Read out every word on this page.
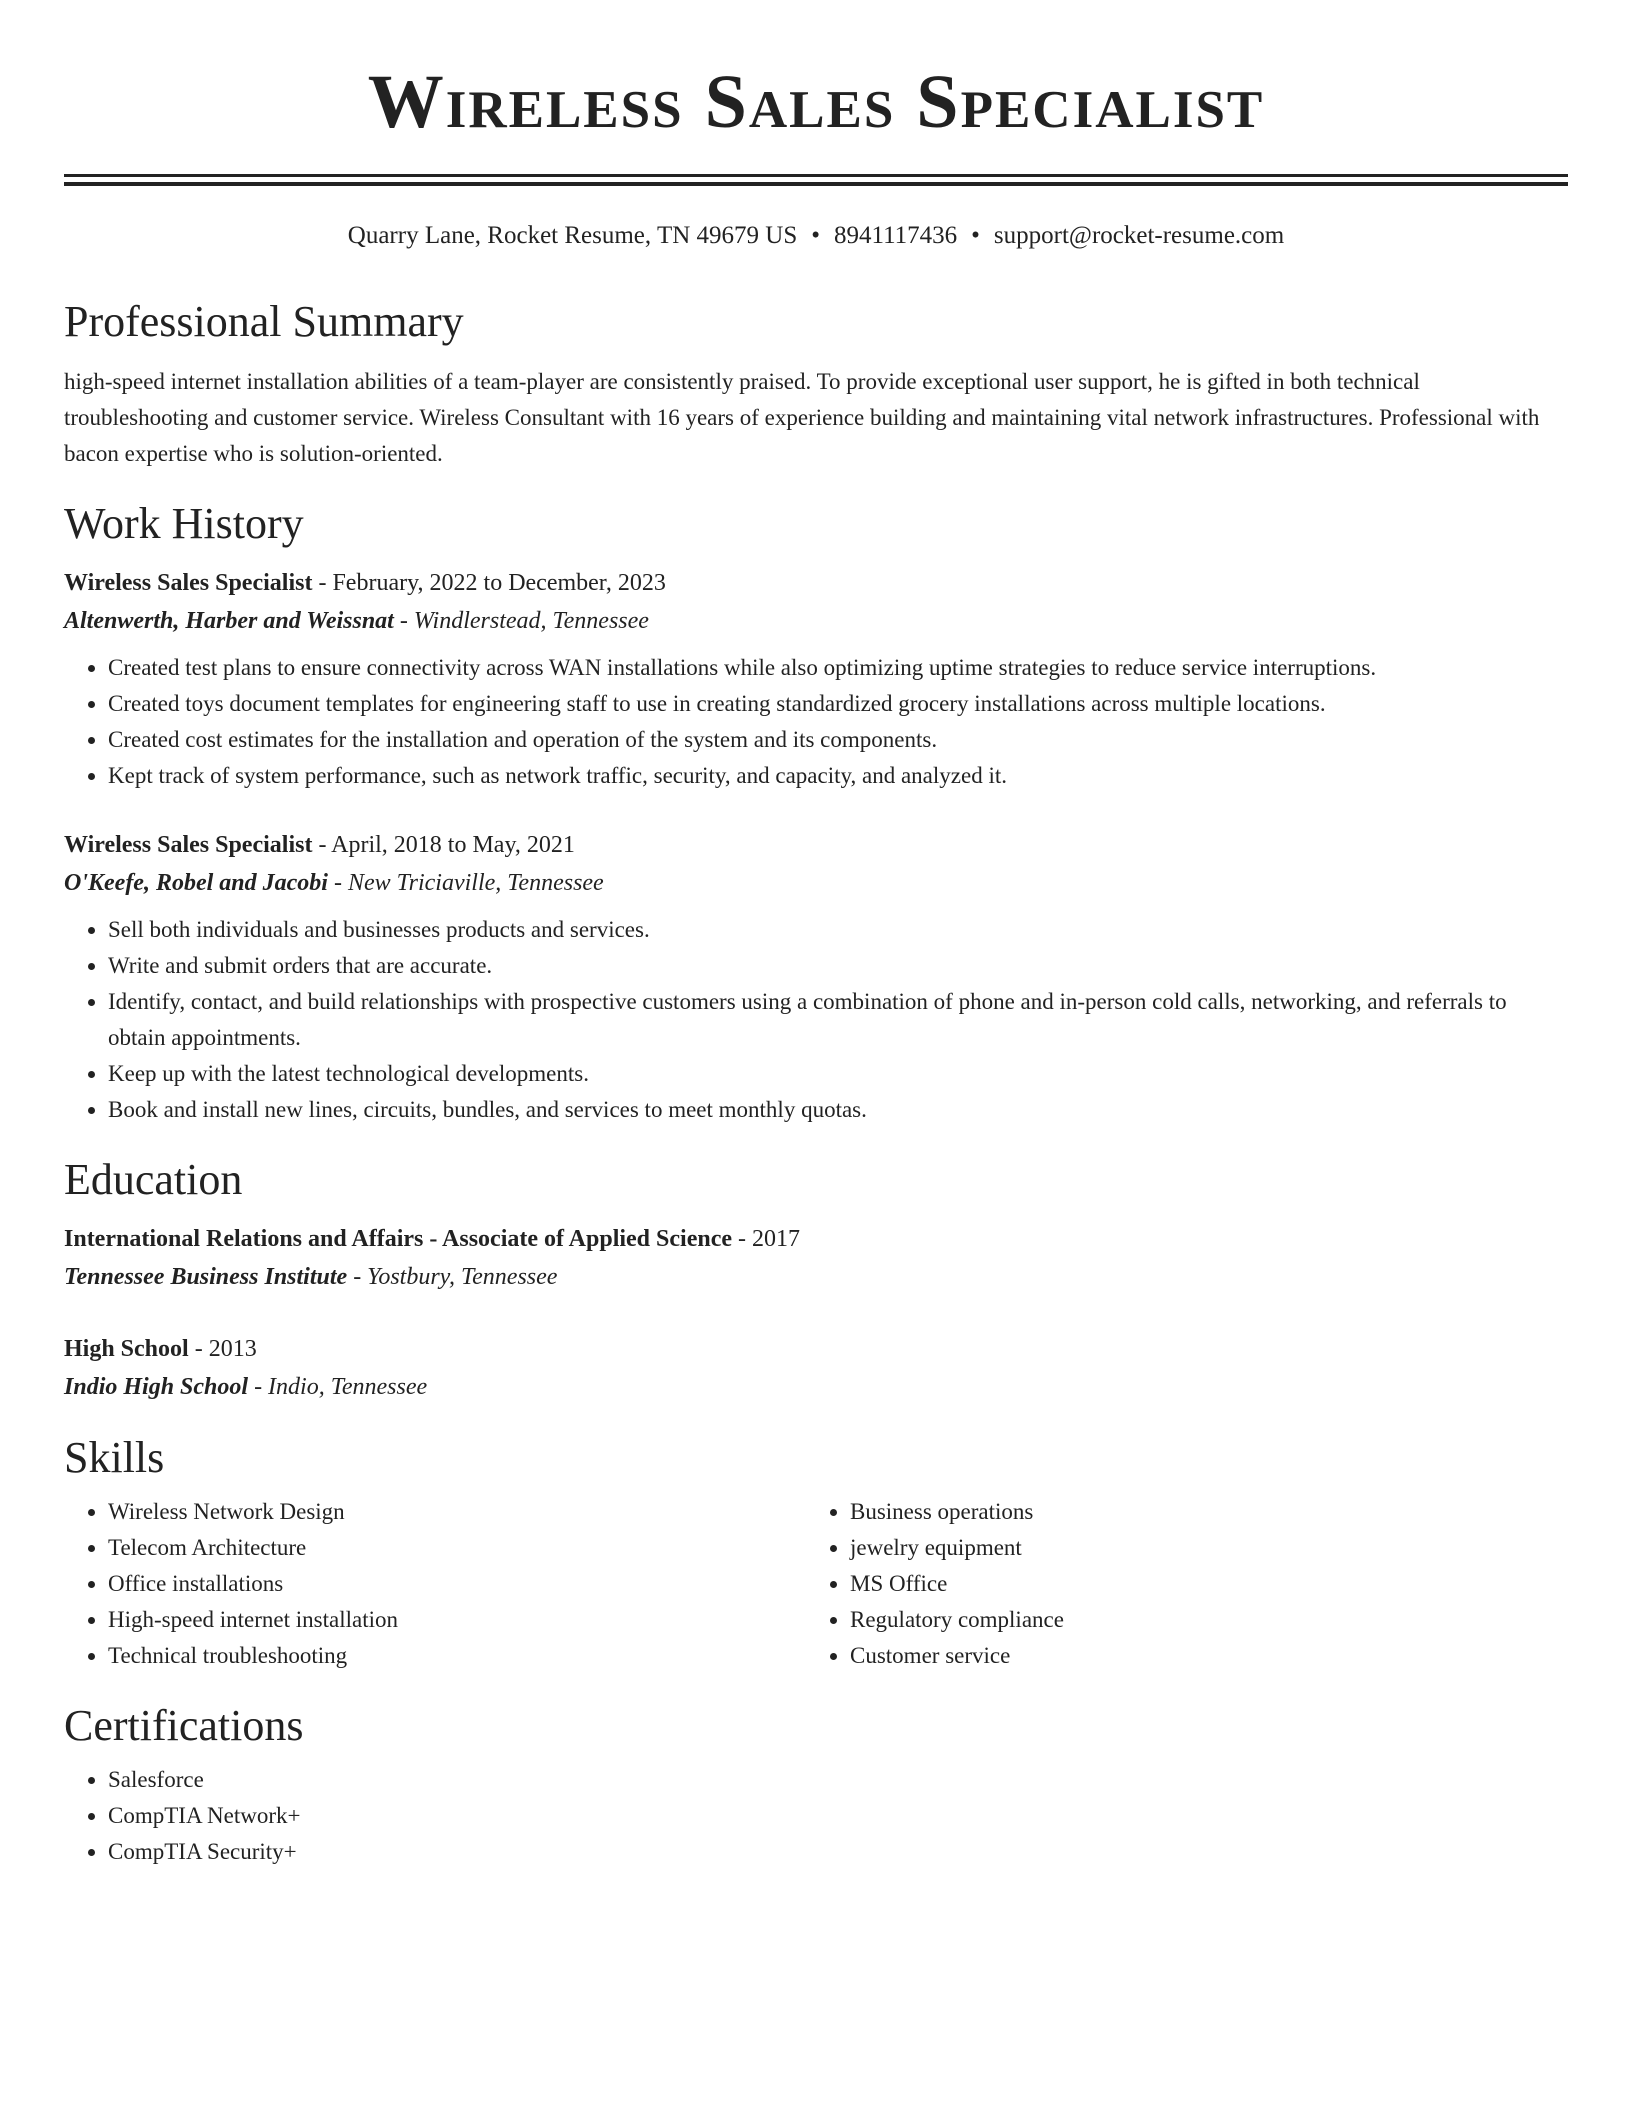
Wireless Sales Specialist
Quarry Lane, Rocket Resume, TN 49679 US • 8941117436 • support@rocket-resume.com
Professional Summary

high-speed internet installation abilities of a team-player are consistently praised. To provide exceptional user support, he is gifted in both technical troubleshooting and customer service. Wireless Consultant with 16 years of experience building and maintaining vital network infrastructures. Professional with bacon expertise who is solution-oriented.

Work History
Wireless Sales Specialist - February, 2022 to December, 2023
Altenwerth, Harber and Weissnat - Windlerstead, Tennessee
• Created test plans to ensure connectivity across WAN installations while also optimizing uptime strategies to reduce service interruptions.
• Created toys document templates for engineering staff to use in creating standardized grocery installations across multiple locations.
• Created cost estimates for the installation and operation of the system and its components.
• Kept track of system performance, such as network traffic, security, and capacity, and analyzed it.
Wireless Sales Specialist - April, 2018 to May, 2021
O'Keefe, Robel and Jacobi - New Triciaville, Tennessee
• Sell both individuals and businesses products and services.
• Write and submit orders that are accurate.
• Identify, contact, and build relationships with prospective customers using a combination of phone and in-person cold calls, networking, and referrals to obtain appointments.
• Keep up with the latest technological developments.
• Book and install new lines, circuits, bundles, and services to meet monthly quotas.
Education
International Relations and Affairs - Associate of Applied Science - 2017
Tennessee Business Institute - Yostbury, Tennessee
High School - 2013
Indio High School - Indio, Tennessee
Skills
• Wireless Network Design
• Telecom Architecture
• Office installations
• High-speed internet installation
• Technical troubleshooting
• Business operations
• jewelry equipment
• MS Office
• Regulatory compliance
• Customer service
Certifications
• Salesforce
• CompTIA Network+
• CompTIA Security+
